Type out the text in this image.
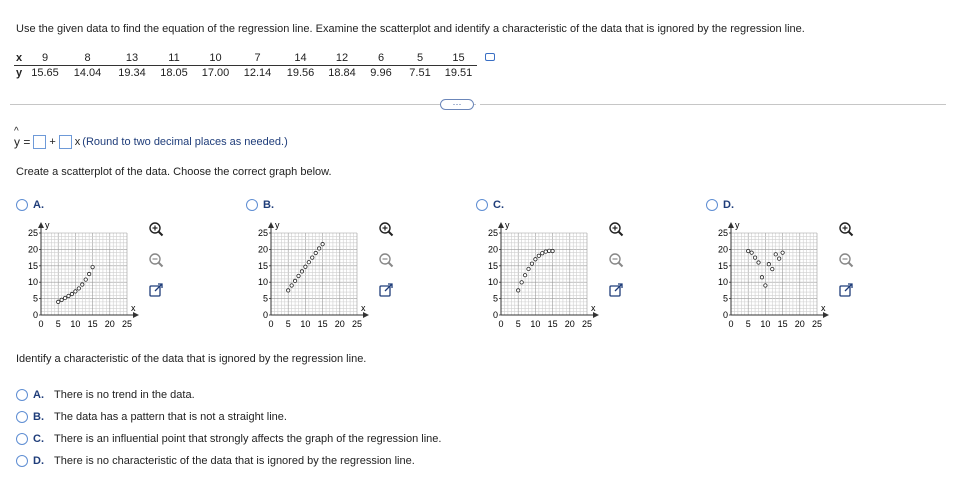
Use the given data to find the equation of the regression line. Examine the scatterplot and identify a characteristic of the data that is ignored by the regression line.
x	9	8	13	11	10	7	14	12	6	5	15
y	15.65	14.04	19.34	18.05	17.00	12.14	19.56	18.84	9.96	7.51	19.51
···
^ y = + x (Round to two decimal places as needed.)
Create a scatterplot of the data. Choose the correct graph below.
A.
y
x
25
20
15
10
5
0
0 5 10 15 20 25
B.
y
x
25
20
15
10
5
0
0 5 10 15 20 25
C.
y
x
25
20
15
10
5
0
0 5 10 15 20 25
D.
y
x
25
20
15
10
5
0
0 5 10 15 20 25
Identify a characteristic of the data that is ignored by the regression line.
A. There is no trend in the data.
B. The data has a pattern that is not a straight line.
C. There is an influential point that strongly affects the graph of the regression line.
D. There is no characteristic of the data that is ignored by the regression line.
